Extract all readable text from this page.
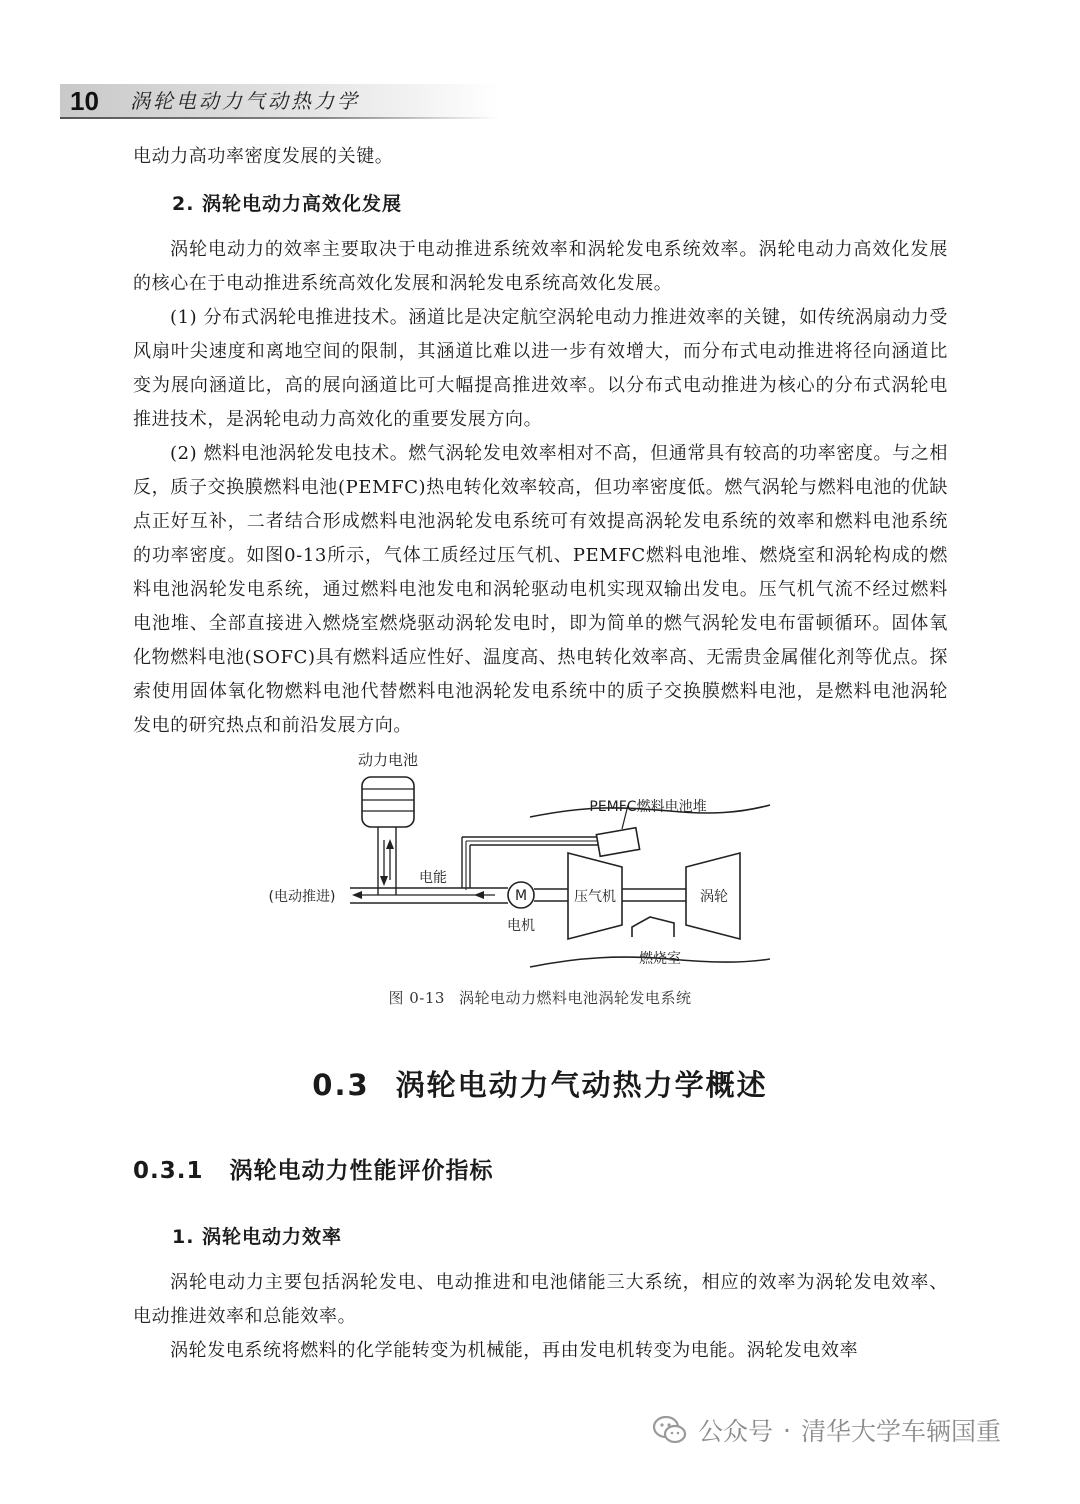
10 涡轮电动力气动热力学

电动力高功率密度发展的关键。

2. 涡轮电动力高效化发展

涡轮电动力的效率主要取决于电动推进系统效率和涡轮发电系统效率。涡轮电动力高效化发展的核心在于电动推进系统高效化发展和涡轮发电系统高效化发展。

(1) 分布式涡轮电推进技术。涵道比是决定航空涡轮电动力推进效率的关键，如传统涡扇动力受风扇叶尖速度和离地空间的限制，其涵道比难以进一步有效增大，而分布式电动推进将径向涵道比变为展向涵道比，高的展向涵道比可大幅提高推进效率。以分布式电动推进为核心的分布式涡轮电推进技术，是涡轮电动力高效化的重要发展方向。

(2) 燃料电池涡轮发电技术。燃气涡轮发电效率相对不高，但通常具有较高的功率密度。与之相反，质子交换膜燃料电池(PEMFC)热电转化效率较高，但功率密度低。燃气涡轮与燃料电池的优缺点正好互补，二者结合形成燃料电池涡轮发电系统可有效提高涡轮发电系统的效率和燃料电池系统的功率密度。如图0-13所示，气体工质经过压气机、PEMFC燃料电池堆、燃烧室和涡轮构成的燃料电池涡轮发电系统，通过燃料电池发电和涡轮驱动电机实现双输出发电。压气机气流不经过燃料电池堆、全部直接进入燃烧室燃烧驱动涡轮发电时，即为简单的燃气涡轮发电布雷顿循环。固体氧化物燃料电池(SOFC)具有燃料适应性好、温度高、热电转化效率高、无需贵金属催化剂等优点。探索使用固体氧化物燃料电池代替燃料电池涡轮发电系统中的质子交换膜燃料电池，是燃料电池涡轮发电的研究热点和前沿发展方向。

动力电池
(电动推进)
电能
M
电机
压气机	涡轮
PEMFC燃料电池堆
燃烧室
图 0-13 涡轮电动力燃料电池涡轮发电系统
0.3 涡轮电动力气动热力学概述
0.3.1 涡轮电动力性能评价指标

1. 涡轮电动力效率

涡轮电动力主要包括涡轮发电、电动推进和电池储能三大系统，相应的效率为涡轮发电效率、电动推进效率和总能效率。

涡轮发电系统将燃料的化学能转变为机械能，再由发电机转变为电能。涡轮发电效率

公众号 · 清华大学车辆国重
